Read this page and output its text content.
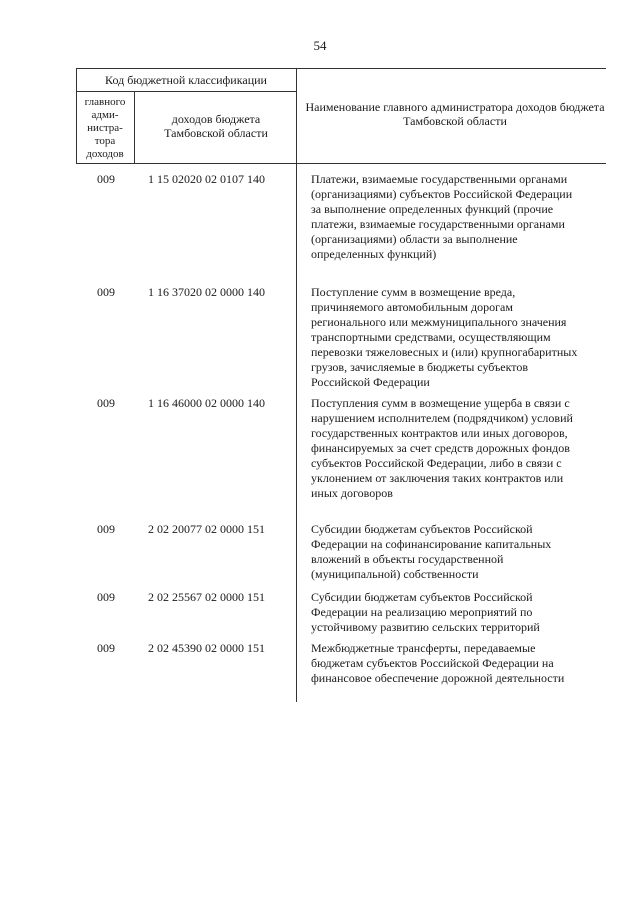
54
Код бюджетной классификации
главного адми-нистра-тора доходов
доходов бюджета Тамбовской области
Наименование главного администратора доходов бюджета Тамбовской области
009	1 15 02020 02 0107 140	Платежи, взимаемые государственными органами (организациями) субъектов Российской Федерации за выполнение определенных функций (прочие платежи, взимаемые государственными органами (организациями) области за выполнение определенных функций)
009	1 16 37020 02 0000 140	Поступление сумм в возмещение вреда, причиняемого автомобильным дорогам регионального или межмуниципального значения транспортными средствами, осуществляющим перевозки тяжеловесных и (или) крупногабаритных грузов, зачисляемые в бюджеты субъектов Российской Федерации
009	1 16 46000 02 0000 140	Поступления сумм в возмещение ущерба в связи с нарушением исполнителем (подрядчиком) условий государственных контрактов или иных договоров, финансируемых за счет средств дорожных фондов субъектов Российской Федерации, либо в связи с уклонением от заключения таких контрактов или иных договоров
009	2 02 20077 02 0000 151	Субсидии бюджетам субъектов Российской Федерации на софинансирование капитальных вложений в объекты государственной (муниципальной) собственности
009	2 02 25567 02 0000 151	Субсидии бюджетам субъектов Российской Федерации на реализацию мероприятий по устойчивому развитию сельских территорий
009	2 02 45390 02 0000 151	Межбюджетные трансферты, передаваемые бюджетам субъектов Российской Федерации на финансовое обеспечение дорожной деятельности
